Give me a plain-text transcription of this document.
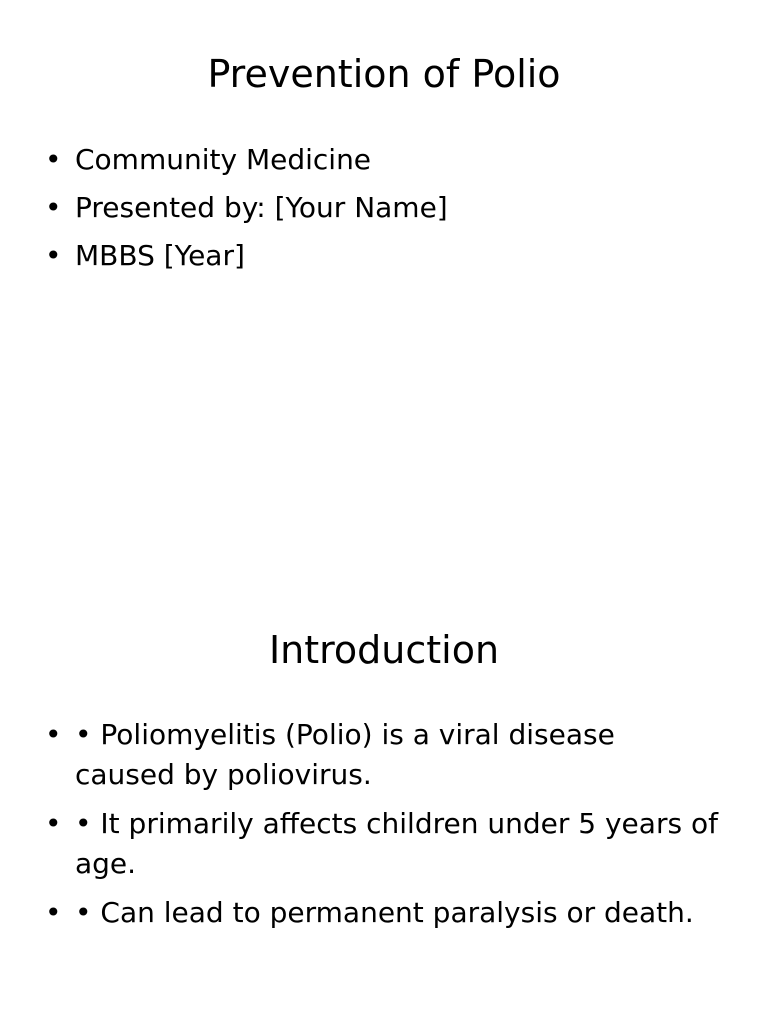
Prevention of Polio
• Community Medicine
• Presented by: [Your Name]
• MBBS [Year]
Introduction
• • Poliomyelitis (Polio) is a viral disease caused by poliovirus.
• • It primarily affects children under 5 years of age.
• • Can lead to permanent paralysis or death.
